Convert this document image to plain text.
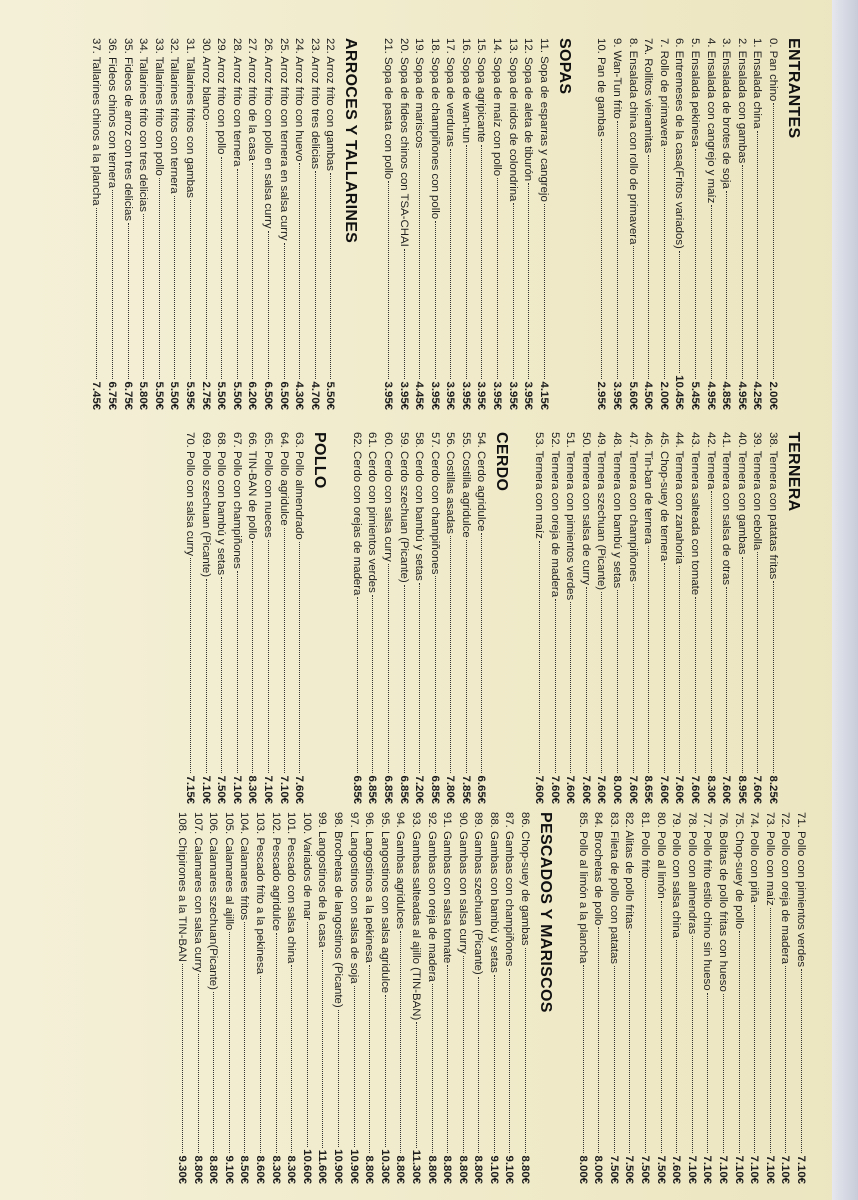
ENTRANTES
0. Pan chino
2.00€
1. Ensalada china
4.25€
2. Ensalada con gambas
4.95€
3. Ensalada de brotes de soja
4.85€
4. Ensalada con cangrejo y maíz
4.95€
5. Ensalada pekinesa
5.45€
6. Entremeses de la casa(Fritos variados)
10.45€
7. Rollo de primavera
2.00€
7A. Rollitos vienamitas
4.50€
8. Ensalada china con rollo de primavera
5.60€
9. Wan-Tun frito
3.95€
10. Pan de gambas
2.95€
SOPAS
11. Sopa de esparras y cangrejo
4.15€
12. Sopa de aleta de tiburón
3.95€
13. Sopa de nidos de colondrina
3.95€
14. Sopa de maíz con pollo
3.95€
15. Sopa agripicante
3.95€
16. Sopa de wan-tun
3.95€
17. Sopa de verduras
3.95€
18. Sopa de champiñones con pollo
3.95€
19. Sopa de mariscos
4.45€
20. Sopa de fideos chinos con TSA-CHAI
3.95€
21. Sopa de pasta con pollo
3.95€
ARROCES Y TALLARINES
22. Arroz frito con gambas
5.50€
23. Arroz frito tres delicias
4.70€
24. Arroz frito con huevo
4.30€
25. Arroz frito con ternera en salsa curry
6.50€
26. Arroz frito con pollo en salsa curry
6.50€
27. Arroz frito de la casa
6.20€
28. Arroz frito con ternera
5.50€
29. Arroz frito con pollo
5.50€
30. Arroz blanco
2.75€
31. Tallarines fritos con gambas
5.95€
32. Tallarines fritos con ternera
5.50€
33. Tallarines frito con pollo
5.50€
34. Tallarines frito con tres delicias
5.80€
35. Fideos de arroz con tres delicias
6.75€
36. Fideos chinos con ternera
6.75€
37. Tallarines chinos a la plancha
7.45€
TERNERA
38. Ternera con patatas fritas
8.25€
39. Ternera con cebolla
7.60€
40. Ternera con gambas
8.95€
41. Ternera con salsa de otras
7.60€
42. Ternera
8.30€
43. Ternera salteada con tomate
7.60€
44. Ternera con zanahoria
7.60€
45. Chop-suey de ternera
7.60€
46. Tin-ban de ternera
8.65€
47. Ternera con champiñones
7.60€
48. Ternera con bambú y setas
8.00€
49. Ternera szechuan (Picante)
7.60€
50. Ternera con salsa de curry
7.60€
51. Ternera con pimientos verdes
7.60€
52. Ternera con oreja de madera
7.60€
53. Ternera con maíz
7.60€
CERDO
54. Cerdo agridulce
6.65€
55. Costilla agridulce
7.85€
56. Costillas asadas
7.80€
57. Cerdo con champiñones
6.85€
58. Cerdo con bambú y setas
7.20€
59. Cerdo szechuan (Picante)
6.85€
60. Cerdo con salsa curry
6.85€
61. Cerdo con pimientos verdes
6.85€
62. Cerdo con orejas de madera
6.85€
POLLO
63. Pollo almendrado
7.60€
64. Pollo agridulce
7.10€
65. Pollo con nueces
7.10€
66. TIN-BAN de pollo
8.30€
67. Pollo con champiñones
7.10€
68. Pollo con bambú y setas
7.50€
69. Pollo szechuan (Picante)
7.10€
70. Pollo con salsa curry
7.15€
71. Pollo con pimientos verdes
7.10€
72. Pollo con oreja de madera
7.10€
73. Pollo con maíz
7.10€
74. Pollo con piña
7.10€
75. Chop-suey de pollo
7.10€
76. Bolitas de pollo fritas con hueso
7.10€
77. Pollo frito estilo chino sin hueso
7.10€
78. Pollo con almendras
7.10€
79. Pollo con salsa china
7.60€
80. Pollo al limón
7.50€
81. Pollo frito
7.50€
82. Alitas de pollo fritas
7.50€
83. Fileta de pollo con patatas
7.50€
84. Brochetas de pollo
8.00€
85. Pollo al limón a la plancha
8.00€
PESCADOS Y MARISCOS
86. Chop-suey de gambas
8.80€
87. Gambas con champiñones
9.10€
88. Gambas con bambú y setas
9.10€
89. Gambas szechuan (Picante)
8.80€
90. Gambas con salsa curry
8.80€
91. Gambas con salsa tomate
8.80€
92. Gambas con oreja de madera
8.80€
93. Gambas salteadas al ajillo (TIN-BAN)
11.30€
94. Gambas agridulces
8.80€
95. Langostinos con salsa agridulce
10.30€
96. Langostinos a la pekinesa
8.80€
97. Langostinos con salsa de soja
10.90€
98. Brochetas de langostinos (Picante)
10.90€
99. Langostinos de la casa
11.60€
100. Variados de mar
10.60€
101. Pescado con salsa china
8.30€
102. Pescado agridulce
8.30€
103. Pescado frito a la pekinesa
8.60€
104. Calamares fritos
8.50€
105. Calamares al ajillo
9.10€
106. Calamares szechuan(Picante)
8.80€
107. Calamares con salsa curry
8.80€
108. Chipirones a la TIN-BAN
9.30€
